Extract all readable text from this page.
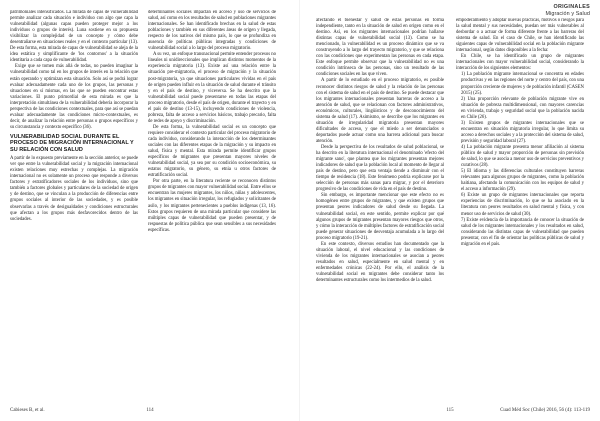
patrimoniales intensificados. La mirada de capas de vulnerabilidad permite analizar cada situación e individuo con algo que capa la vulnerabilidad (algunas capas pueden proteger mejor a los individuos o grupos de interés). Luna sostiene en su propuesta visibilizar la complejidad de un concepto y cómo debe desentrañarse en situaciones reales y en el contexto particular (13). De esta forma, esta mirada de capas de vulnerabilidad se aleja de la idea estática y simplificante de 'los contornos' a la situación identitaria a cada capa de vulnerabilidad.

Exige que se tomen más allá de todas, no pueden imaginar la vulnerabilidad como tal en los grupos de interés en la relación que están operando y optimizan esta situación. Solo así se podrá lograr evaluar adecuadamente cada uno de los grupos, las personas y situaciones en sí mismas, en las que se pueden encontrar estas variaciones. El punto primordial de esta mirada es que la interpretación simultánea de la vulnerabilidad debería incorporar la perspectiva de las condiciones contextuales, para que así se puedan evaluar adecuadamente las condiciones micro-contextuales, es decir, de analizar la relación entre personas o grupos específicos y su circunstancia y contexto específico (36).

VULNERABILIDAD SOCIAL DURANTE EL PROCESO DE MIGRACIÓN INTERNACIONAL Y SU RELACIÓN CON SALUD

A partir de lo expuesto previamente en la sección anterior, se puede ver que entre la vulnerabilidad social y la migración internacional existen relaciones muy estrechas y complejas. La migración internacional no es solamente un proceso que responde a diversos factores y estratificadores sociales de los individuos, sino que también a factores globales y particulares de la sociedad de origen y de destino, que se vinculan a la producción de diferencias entre grupos sociales al interior de las sociedades, y es posible observarlas a través de desigualdades y condiciones estructurales que afectan a los grupos más desfavorecidos dentro de las sociedades.

determinantes sociales impactan en acceso y uso de servicios de salud, así como en los resultados de salud en poblaciones migrantes internacionales. Se han identificado brechas en la salud de estas poblaciones y también en sus diferentes áreas de origen y llegada, respecto de los nativos del mismo país, lo que se profundiza en ausencia de políticas públicas integradas y condiciones de vulnerabilidad social a lo largo del proceso migratorio.

A su vez, un enfoque transnacional permite entender procesos no lineales ni unidireccionales que implican distintos momentos de la experiencia migratoria (13). Existe así una relación entre la situación pre-migratoria, el proceso de migración y la situación post-migratoria, ya que situaciones particulares vividas en el país de origen pueden influir en la situación de salud durante el tránsito y en el país de destino, y viceversa. Se ha descrito que la vulnerabilidad social puede presentarse en todas las etapas del proceso migratorio, desde el país de origen, durante el trayecto y en el país de destino (13-15), incluyendo condiciones de violencia, pobreza, falta de acceso a servicios básicos, trabajo precario, falta de redes de apoyo y discriminación.

De esta forma, la vulnerabilidad social es un concepto que requiere considerar el contexto particular del proceso migratorio de cada individuo, considerando la interacción de los determinantes sociales con las diferentes etapas de la migración y su impacto en salud, física y mental. Esta mirada permite identificar grupos específicos de migrantes que presentan mayores niveles de vulnerabilidad social, ya sea por su condición socioeconómica, su estatus migratorio, su género, su etnia u otros factores de estratificación social.

Por otra parte, en la literatura reciente se reconocen distintos grupos de migrantes con mayor vulnerabilidad social. Entre ellos se encuentran las mujeres migrantes, los niños, niñas y adolescentes, los migrantes en situación irregular, los refugiados y solicitantes de asilo, y los migrantes pertenecientes a pueblos indígenas (13, 16). Estos grupos requieren de una mirada particular que considere las múltiples capas de vulnerabilidad que pueden presentar, y de respuestas de política pública que sean sensibles a sus necesidades específicas.

Cabieses B, et al.	114
ORIGINALES
Migración y Salud

afectando el bienestar y salud de estas personas en forma independiente, tanto en la situación de salud en origen como en el destino. Así, en los migrantes internacionales podrían hallarse distintas capas de vulnerabilidad social (13). Como se ha mencionado, la vulnerabilidad es un proceso dinámico que se va construyendo a lo largo del trayecto migratorio, y que se relaciona con las condiciones que experimentan las personas en cada etapa. Este enfoque permite observar que la vulnerabilidad no es una condición intrínseca de las personas, sino un resultado de las condiciones sociales en las que viven.

A partir de lo estudiado en el proceso migratorio, es posible reconocer distintos riesgos de salud y la relación de las personas con el sistema de salud en el país de destino. Se puede destacar que los migrantes internacionales presentan barreras de acceso a la atención de salud, que se relacionan con factores administrativos, económicos, culturales, lingüísticos y de desconocimiento del sistema de salud (17). Asimismo, se describe que los migrantes en situación de irregularidad migratoria presentan mayores dificultades de acceso, y que el miedo a ser denunciados o deportados puede actuar como una barrera adicional para buscar atención.

Desde la perspectiva de los resultados de salud poblacional, se ha descrito en la literatura internacional el denominado 'efecto del migrante sano', que plantea que los migrantes presentan mejores indicadores de salud que la población local al momento de llegar al país de destino, pero que esta ventaja tiende a disminuir con el tiempo de residencia (18). Este fenómeno podría explicarse por la selección de personas más sanas para migrar, y por el deterioro progresivo de las condiciones de vida en el país de destino.

Sin embargo, es importante mencionar que este efecto no es homogéneo entre grupos de migrantes, y que existen grupos que presentan peores indicadores de salud desde su llegada. La vulnerabilidad social, en este sentido, permite explicar por qué algunos grupos de migrantes presentan mayores riesgos que otros, y cómo la interacción de múltiples factores de estratificación social puede generar situaciones de desventaja acumulada a lo largo del proceso migratorio (19-21).

En este contexto, diversos estudios han documentado que la situación laboral, el nivel educacional y las condiciones de vivienda de los migrantes internacionales se asocian a peores resultados en salud, especialmente en salud mental y en enfermedades crónicas (22-24). Por ello, el análisis de la vulnerabilidad social en migrantes debe considerar tanto los determinantes estructurales como los intermedios de la salud.

empoderamiento y adoptar nuevas prácticas, motivos o riesgos para la salud mental y sus necesidades, puedan ser más vulnerables al desbordar o a actuar de forma diferente frente a las barreras del sistema de salud. En el caso de Chile, se han identificado las siguientes capas de vulnerabilidad social en la población migrante internacional, según datos disponibles a la fecha:

En Chile, se ha identificado un grupo de migrantes internacionales con mayor vulnerabilidad social, considerando la interacción de los siguientes elementos:

1) La población migrante internacional se concentra en edades productivas y en las regiones del norte y centro del país, con una proporción creciente de mujeres y de población infantil (CASEN 2015) (25).

2) Una proporción relevante de población migrante vive en situación de pobreza multidimensional, con mayores carencias en vivienda, trabajo y seguridad social que la población nacida en Chile (26).

3) Existen grupos de migrantes internacionales que se encuentran en situación migratoria irregular, lo que limita su acceso a derechos sociales y a la protección del sistema de salud, previsión y seguridad laboral (27).

4) La población migrante presenta menor afiliación al sistema público de salud y mayor proporción de personas sin previsión de salud, lo que se asocia a menor uso de servicios preventivos y curativos (28).

5) El idioma y las diferencias culturales constituyen barreras relevantes para algunos grupos de migrantes, como la población haitiana, afectando la comunicación con los equipos de salud y el acceso a información (29).

6) Existe un grupo de migrantes internacionales que reporta experiencias de discriminación, lo que se ha asociado en la literatura con peores resultados en salud mental y física, y con menor uso de servicios de salud (30).

7) Existe evidencia de la importancia de conocer la situación de salud de los migrantes internacionales y los resultados en salud, considerando las distintas capas de vulnerabilidad que pueden presentar, con el fin de orientar las políticas públicas de salud y migración en el país.

115	Cuad Méd Soc (Chile) 2016, 56 (4): 113-119
